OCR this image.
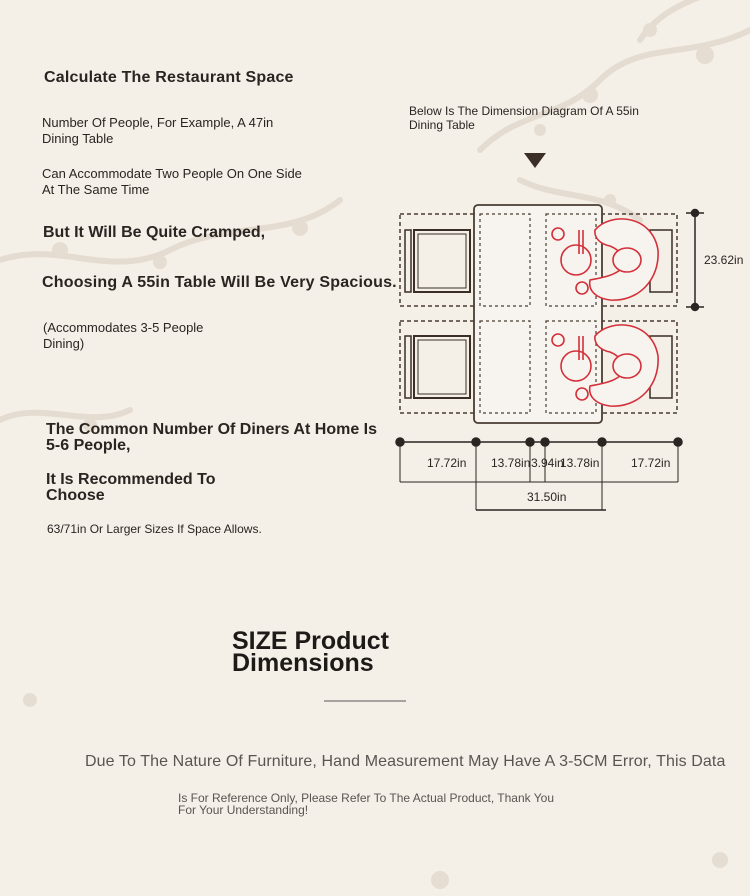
Calculate The Restaurant Space

Number Of People, For Example, A 47in Dining Table

Can Accommodate Two People On One Side At The Same Time

But It Will Be Quite Cramped,

Choosing A 55in Table Will Be Very Spacious.

(Accommodates 3-5 People Dining)

The Common Number Of Diners At Home Is 5-6 People,

It Is Recommended To Choose

63/71in Or Larger Sizes If Space Allows.

Below Is The Dimension Diagram Of A 55in Dining Table

23.62in
17.72in 13.78in 3.94in
13.78in	17.72in
31.50in
SIZE Product Dimensions

Due To The Nature Of Furniture, Hand Measurement May Have A 3-5CM Error, This Data

Is For Reference Only, Please Refer To The Actual Product, Thank You For Your Understanding!
